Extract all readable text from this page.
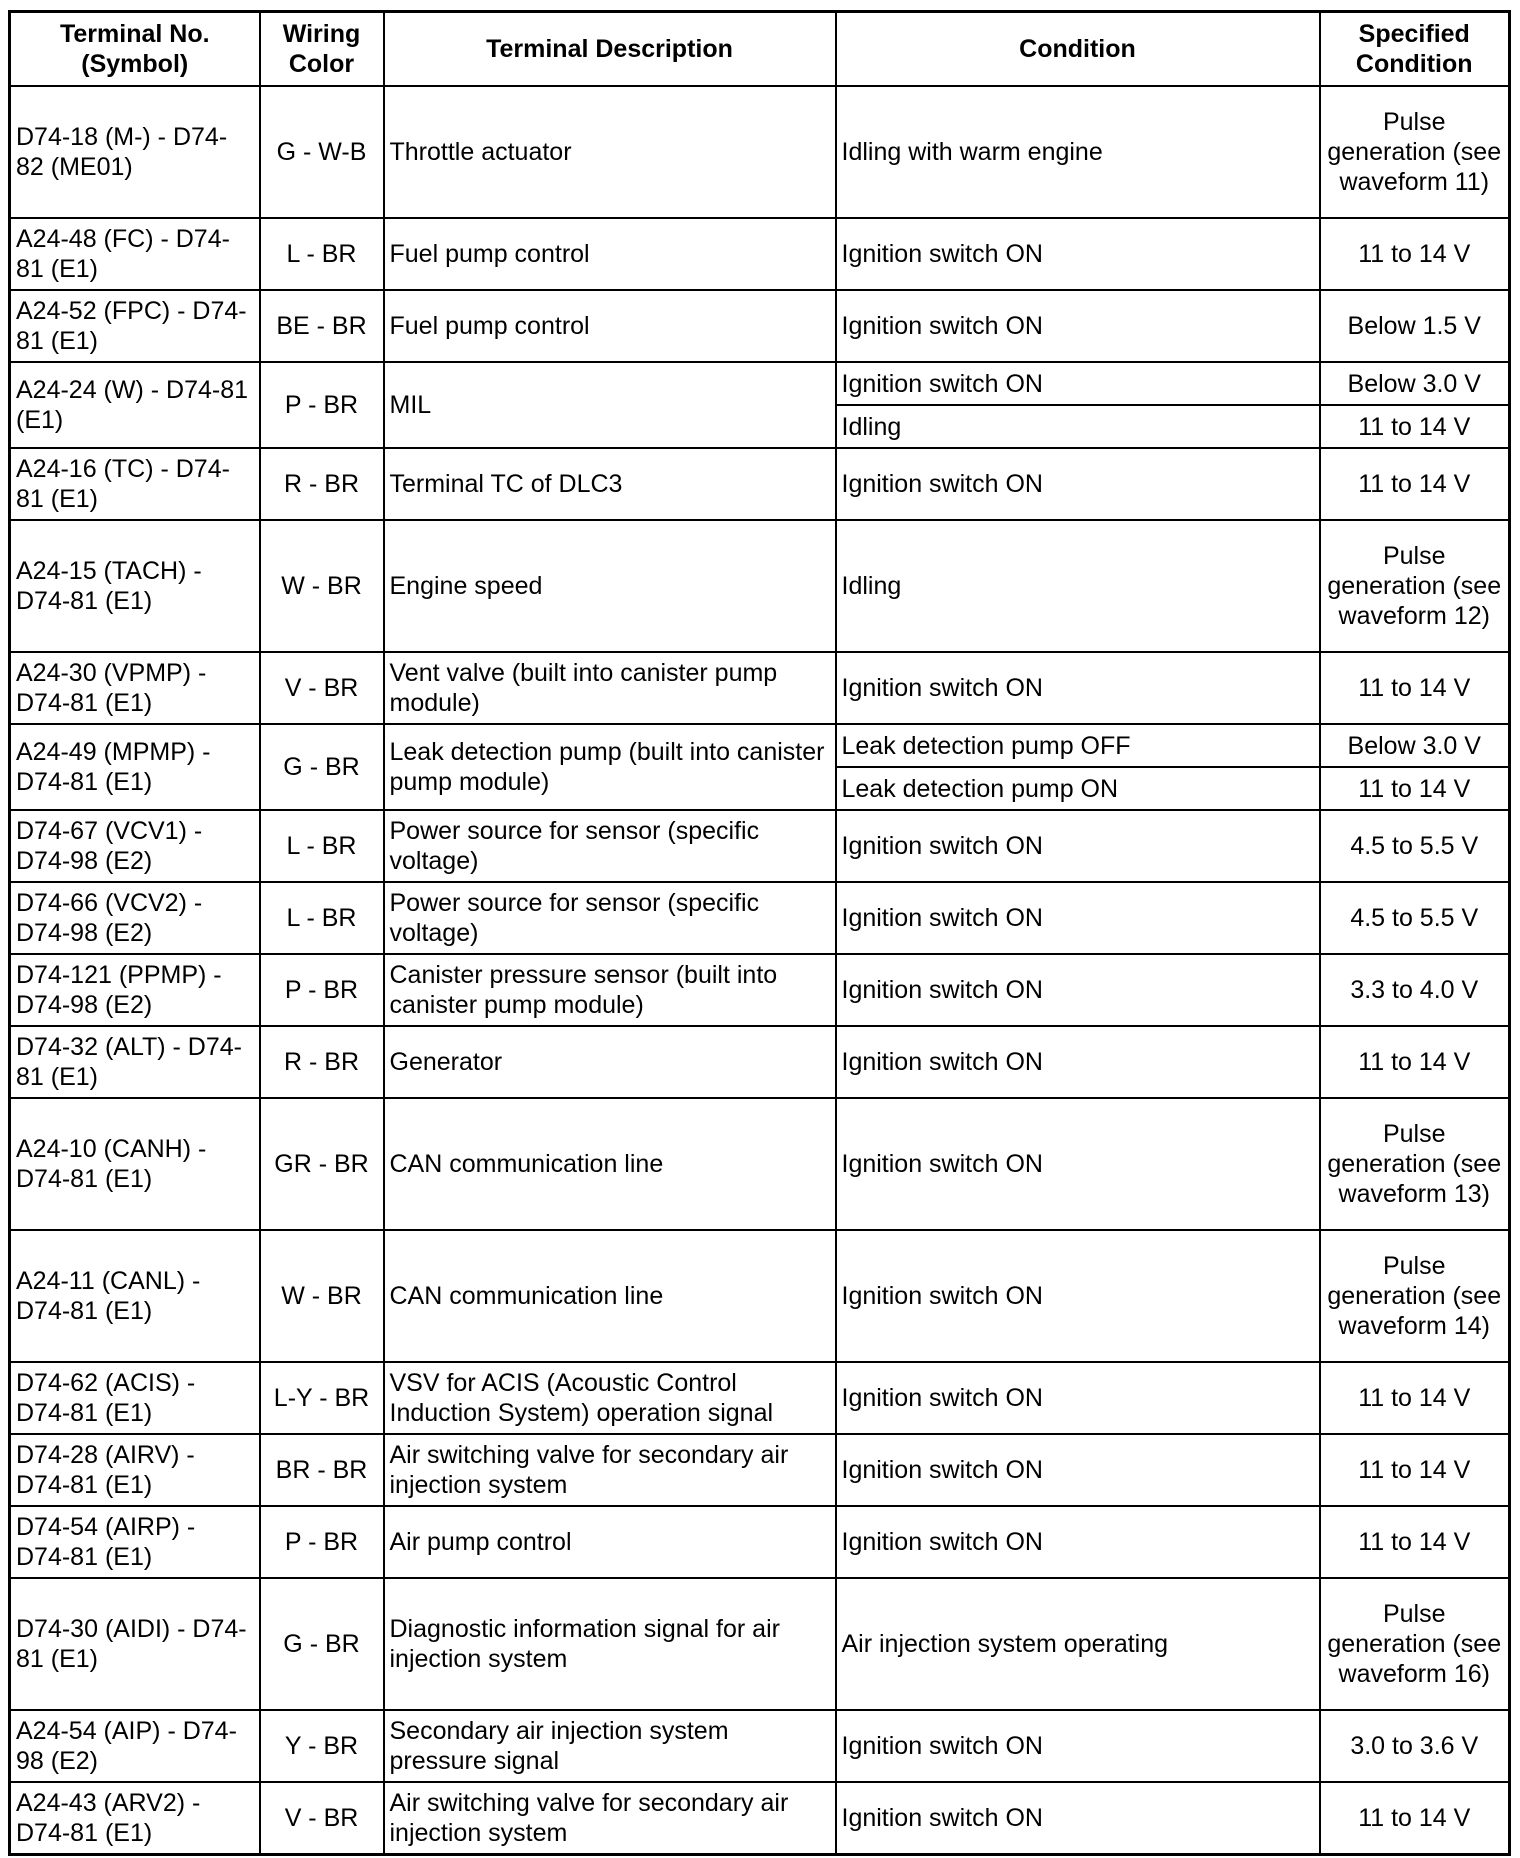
Terminal No. (Symbol)	Wiring Color	Terminal Description	Condition	Specified Condition
D74-18 (M-) - D74-82 (ME01)	G - W-B	Throttle actuator	Idling with warm engine	Pulse generation (see waveform 11)
A24-48 (FC) - D74-81 (E1)	L - BR	Fuel pump control	Ignition switch ON	11 to 14 V
A24-52 (FPC) - D74-81 (E1)	BE - BR	Fuel pump control	Ignition switch ON	Below 1.5 V
A24-24 (W) - D74-81 (E1)	P - BR	MIL	Ignition switch ON	Below 3.0 V
			Idling	11 to 14 V
A24-16 (TC) - D74-81 (E1)	R - BR	Terminal TC of DLC3	Ignition switch ON	11 to 14 V
A24-15 (TACH) - D74-81 (E1)	W - BR	Engine speed	Idling	Pulse generation (see waveform 12)
A24-30 (VPMP) - D74-81 (E1)	V - BR	Vent valve (built into canister pump module)	Ignition switch ON	11 to 14 V
A24-49 (MPMP) - D74-81 (E1)	G - BR	Leak detection pump (built into canister pump module)	Leak detection pump OFF	Below 3.0 V
			Leak detection pump ON	11 to 14 V
D74-67 (VCV1) - D74-98 (E2)	L - BR	Power source for sensor (specific voltage)	Ignition switch ON	4.5 to 5.5 V
D74-66 (VCV2) - D74-98 (E2)	L - BR	Power source for sensor (specific voltage)	Ignition switch ON	4.5 to 5.5 V
D74-121 (PPMP) - D74-98 (E2)	P - BR	Canister pressure sensor (built into canister pump module)	Ignition switch ON	3.3 to 4.0 V
D74-32 (ALT) - D74-81 (E1)	R - BR	Generator	Ignition switch ON	11 to 14 V
A24-10 (CANH) - D74-81 (E1)	GR - BR	CAN communication line	Ignition switch ON	Pulse generation (see waveform 13)
A24-11 (CANL) - D74-81 (E1)	W - BR	CAN communication line	Ignition switch ON	Pulse generation (see waveform 14)
D74-62 (ACIS) - D74-81 (E1)	L-Y - BR	VSV for ACIS (Acoustic Control Induction System) operation signal	Ignition switch ON	11 to 14 V
D74-28 (AIRV) - D74-81 (E1)	BR - BR	Air switching valve for secondary air injection system	Ignition switch ON	11 to 14 V
D74-54 (AIRP) - D74-81 (E1)	P - BR	Air pump control	Ignition switch ON	11 to 14 V
D74-30 (AIDI) - D74-81 (E1)	G - BR	Diagnostic information signal for air injection system	Air injection system operating	Pulse generation (see waveform 16)
A24-54 (AIP) - D74-98 (E2)	Y - BR	Secondary air injection system pressure signal	Ignition switch ON	3.0 to 3.6 V
A24-43 (ARV2) - D74-81 (E1)	V - BR	Air switching valve for secondary air injection system	Ignition switch ON	11 to 14 V
